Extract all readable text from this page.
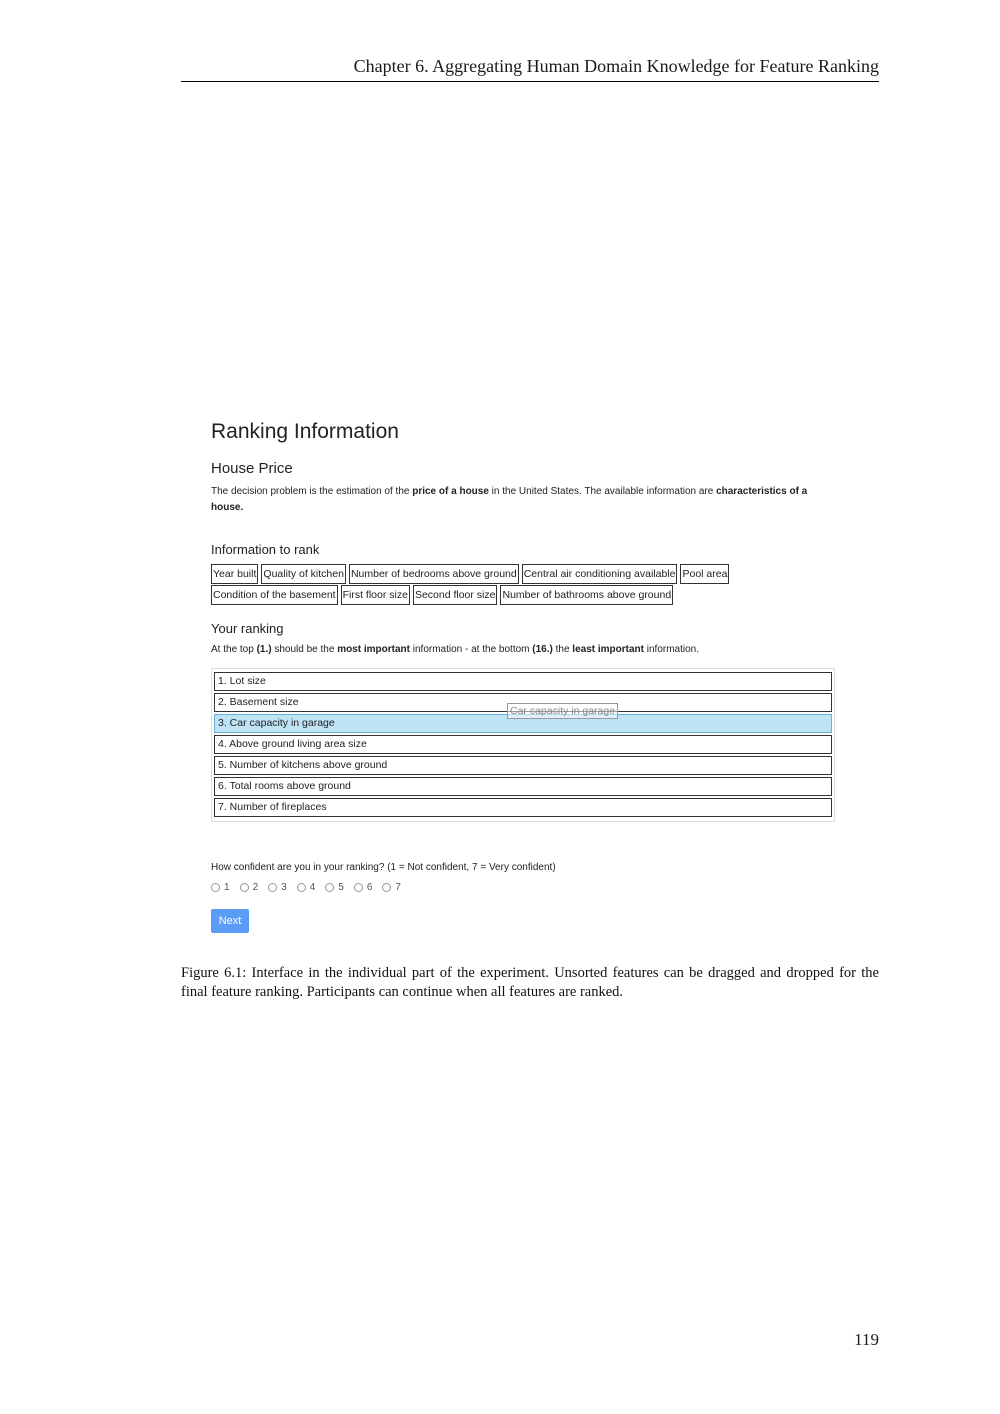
Chapter 6. Aggregating Human Domain Knowledge for Feature Ranking
Ranking Information
House Price
The decision problem is the estimation of the price of a house in the United States. The available information are characteristics of a house.
Information to rank
Year built Quality of kitchen Number of bedrooms above ground Central air conditioning available Pool area
Condition of the basement First floor size Second floor size Number of bathrooms above ground
Your ranking
At the top (1.) should be the most important information - at the bottom (16.) the least important information.
1. Lot size
2. Basement size
3. Car capacity in garage
4. Above ground living area size
5. Number of kitchens above ground
6. Total rooms above ground
7. Number of fireplaces
Car capacity in garage
How confident are you in your ranking? (1 = Not confident, 7 = Very confident)
1 2 3 4 5 6 7
Next
Figure 6.1: Interface in the individual part of the experiment. Unsorted features can be dragged and dropped for the final feature ranking. Participants can continue when all features are ranked.
119
